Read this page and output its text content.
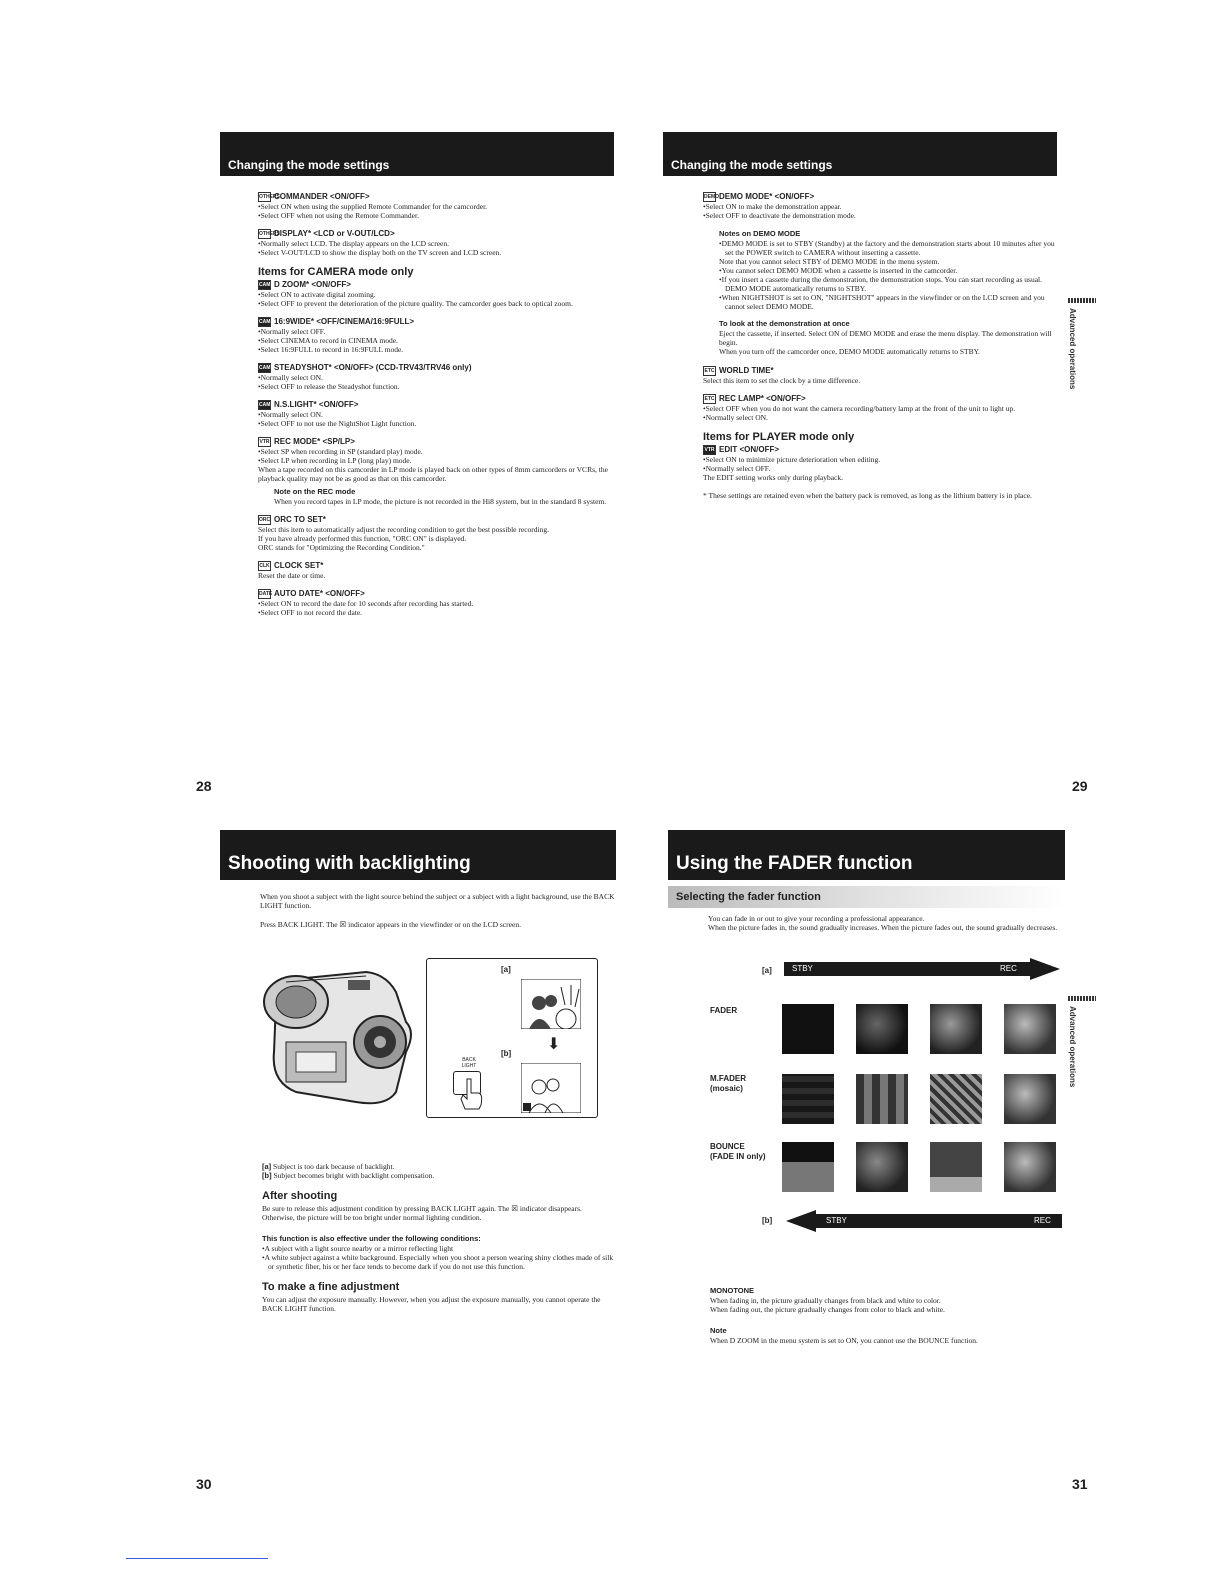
Changing the mode settings
OTHERS
COMMANDER <ON/OFF>
•Select ON when using the supplied Remote Commander for the camcorder.
•Select OFF when not using the Remote Commander.
OTHERS
DISPLAY* <LCD or V-OUT/LCD>
•Normally select LCD. The display appears on the LCD screen.
•Select V-OUT/LCD to show the display both on the TV screen and LCD screen.
Items for CAMERA mode only
CAM D ZOOM* <ON/OFF>
•Select ON to activate digital zooming.
•Select OFF to prevent the deterioration of the picture quality. The camcorder goes back to optical zoom.
CAM 16:9WIDE* <OFF/CINEMA/16:9FULL>
•Normally select OFF.
•Select CINEMA to record in CINEMA mode.
•Select 16:9FULL to record in 16:9FULL mode.
CAM STEADYSHOT* <ON/OFF> (CCD-TRV43/TRV46 only)
•Normally select ON.
•Select OFF to release the Steadyshot function.
CAM N.S.LIGHT* <ON/OFF>
•Normally select ON.
•Select OFF to not use the NightShot Light function.
VTR REC MODE* <SP/LP>
•Select SP when recording in SP (standard play) mode.
•Select LP when recording in LP (long play) mode.
When a tape recorded on this camcorder in LP mode is played back on other types of 8mm camcorders or VCRs, the playback quality may not be as good as that on this camcorder.
Note on the REC mode
When you record tapes in LP mode, the picture is not recorded in the Hi8 system, but in the standard 8 system.
ORC ORC TO SET*
Select this item to automatically adjust the recording condition to get the best possible recording.
If you have already performed this function, "ORC ON" is displayed.
ORC stands for "Optimizing the Recording Condition."
CLK CLOCK SET*
Reset the date or time.
DATE AUTO DATE* <ON/OFF>
•Select ON to record the date for 10 seconds after recording has started.
•Select OFF to not record the date.
28
Changing the mode settings
DEMO DEMO MODE* <ON/OFF>
•Select ON to make the demonstration appear.
•Select OFF to deactivate the demonstration mode.
Notes on DEMO MODE
•DEMO MODE is set to STBY (Standby) at the factory and the demonstration starts about 10 minutes after you set the POWER switch to CAMERA without inserting a cassette.
Note that you cannot select STBY of DEMO MODE in the menu system.
•You cannot select DEMO MODE when a cassette is inserted in the camcorder.
•If you insert a cassette during the demonstration, the demonstration stops. You can start recording as usual. DEMO MODE automatically returns to STBY.
•When NIGHTSHOT is set to ON, "NIGHTSHOT" appears in the viewfinder or on the LCD screen and you cannot select DEMO MODE.
To look at the demonstration at once
Eject the cassette, if inserted. Select ON of DEMO MODE and erase the menu display. The demonstration will begin.
When you turn off the camcorder once, DEMO MODE automatically returns to STBY.
ETC WORLD TIME*
Select this item to set the clock by a time difference.
ETC REC LAMP* <ON/OFF>
•Select OFF when you do not want the camera recording/battery lamp at the front of the unit to light up.
•Normally select ON.
Items for PLAYER mode only
VTR EDIT <ON/OFF>
•Select ON to minimize picture deterioration when editing.
•Normally select OFF.
The EDIT setting works only during playback.
* These settings are retained even when the battery pack is removed, as long as the lithium battery is in place.
Advanced operations
29
Shooting with backlighting
When you shoot a subject with the light source behind the subject or a subject with a light background, use the BACK LIGHT function.
Press BACK LIGHT. The ☒ indicator appears in the viewfinder or on the LCD screen.
[a]
⬇
[b]
BACK LIGHT
[a] Subject is too dark because of backlight.
[b] Subject becomes bright with backlight compensation.
After shooting
Be sure to release this adjustment condition by pressing BACK LIGHT again. The ☒ indicator disappears. Otherwise, the picture will be too bright under normal lighting condition.
This function is also effective under the following conditions:
•A subject with a light source nearby or a mirror reflecting light
•A white subject against a white background. Especially when you shoot a person wearing shiny clothes made of silk or synthetic fiber, his or her face tends to become dark if you do not use this function.
To make a fine adjustment
You can adjust the exposure manually. However, when you adjust the exposure manually, you cannot operate the BACK LIGHT function.
30
Using the FADER function
Selecting the fader function
You can fade in or out to give your recording a professional appearance.
When the picture fades in, the sound gradually increases. When the picture fades out, the sound gradually decreases.
[a]	STBY	REC
FADER
M.FADER
(mosaic)
BOUNCE
(FADE IN only)
[b]	STBY	REC
MONOTONE
When fading in, the picture gradually changes from black and white to color.
When fading out, the picture gradually changes from color to black and white.
Note
When D ZOOM in the menu system is set to ON, you cannot use the BOUNCE function.
Advanced operations
31
